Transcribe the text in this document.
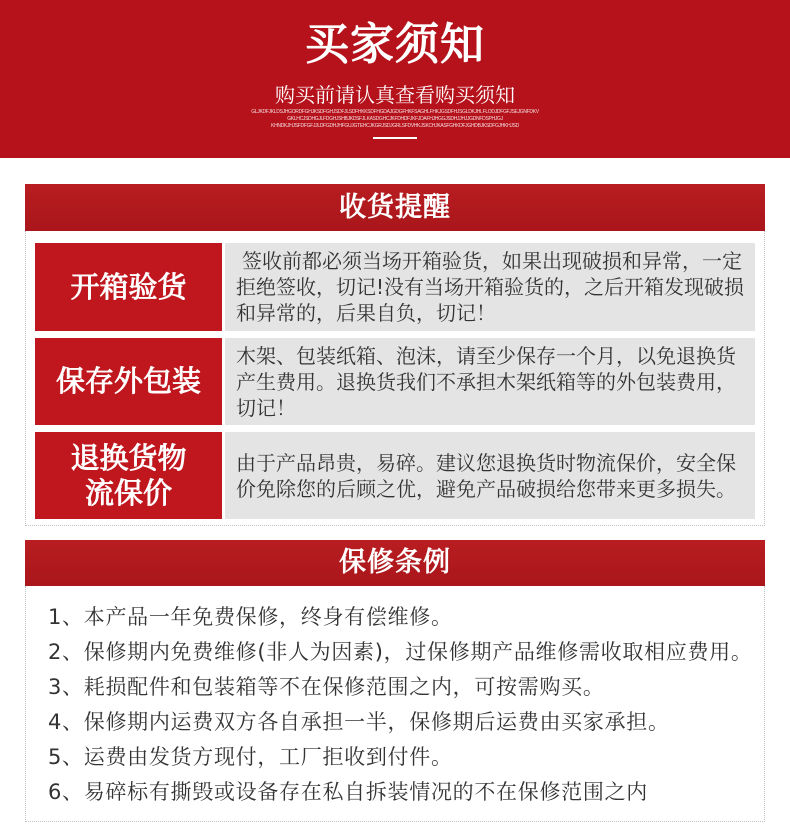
买家须知
购买前请认真查看购买须知
GLJKDFJKLDSJHGORDFGHJKSDFGHJSDFJLSDFHKKSDFHGDAJGDGFHKFSAGHLFHKJGSDFHJSGLDKJHLFLODJDFGFJSEJGNFDKV
GKLHCJSDHGJLFDGHJSHBJKDSFJLKASDGHCJKFDHDFJKFJDAFHJHGGJSDHJJHJJGDNFDSPHJGJ
KHNDKJHJSFDFGFJJLDFGDHJHFGUJGTEHCJKGRJSDJGRLSFDVHKJSKCHJKASFGHKDFJGHDBJKSDFGJHKHJSD
收货提醒
开箱验货

签收前都必须当场开箱验货，如果出现破损和异常，一定拒绝签收，切记!没有当场开箱验货的，之后开箱发现破损和异常的，后果自负，切记！

保存外包装

木架、包装纸箱、泡沫，请至少保存一个月，以免退换货产生费用。退换货我们不承担木架纸箱等的外包装费用，切记！

退换货物
流保价

由于产品昂贵，易碎。建议您退换货时物流保价，安全保价免除您的后顾之优，避免产品破损给您带来更多损失。

保修条例
1、本产品一年免费保修，终身有偿维修。
2、保修期内免费维修(非人为因素)，过保修期产品维修需收取相应费用。
3、耗损配件和包装箱等不在保修范围之内，可按需购买。
4、保修期内运费双方各自承担一半，保修期后运费由买家承担。
5、运费由发货方现付，工厂拒收到付件。
6、易碎标有撕毁或设备存在私自拆装情况的不在保修范围之内
